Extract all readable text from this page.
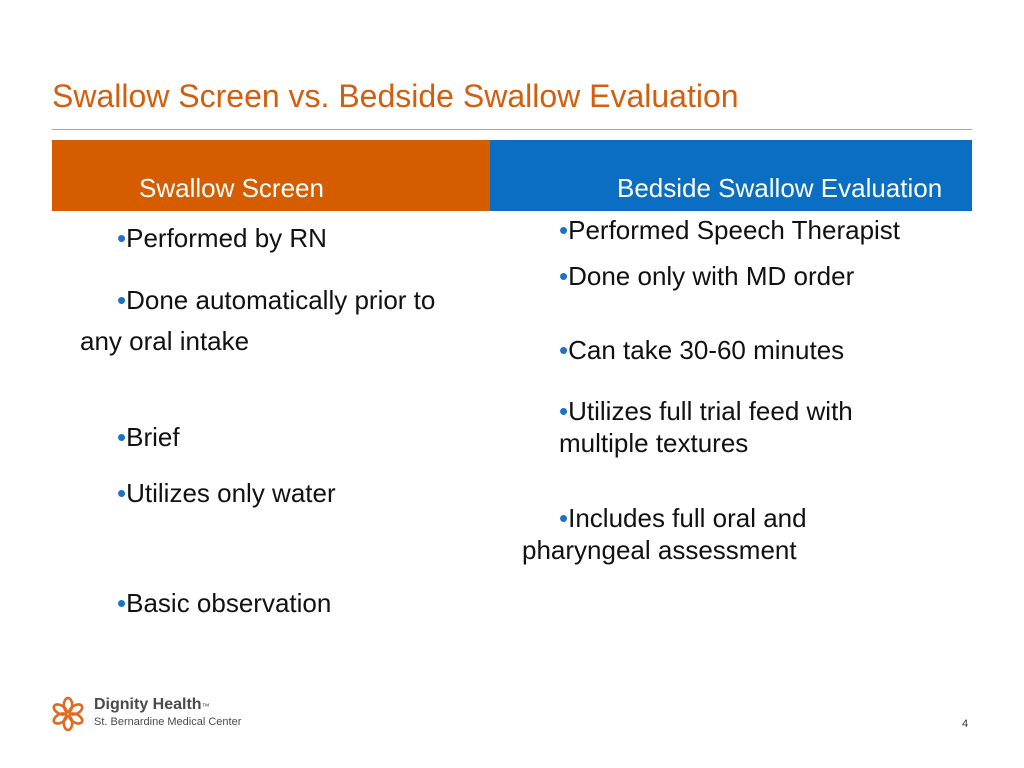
Swallow Screen vs. Bedside Swallow Evaluation
Swallow Screen	Bedside Swallow Evaluation
•Performed by RN
•Done automatically prior to any oral intake
•Brief
•Utilizes only water
•Basic observation
•Performed Speech Therapist
•Done only with MD order
•Can take 30-60 minutes
•Utilizes full trial feed with multiple textures
•Includes full oral and pharyngeal assessment
Dignity Health™
St. Bernardine Medical Center	4
